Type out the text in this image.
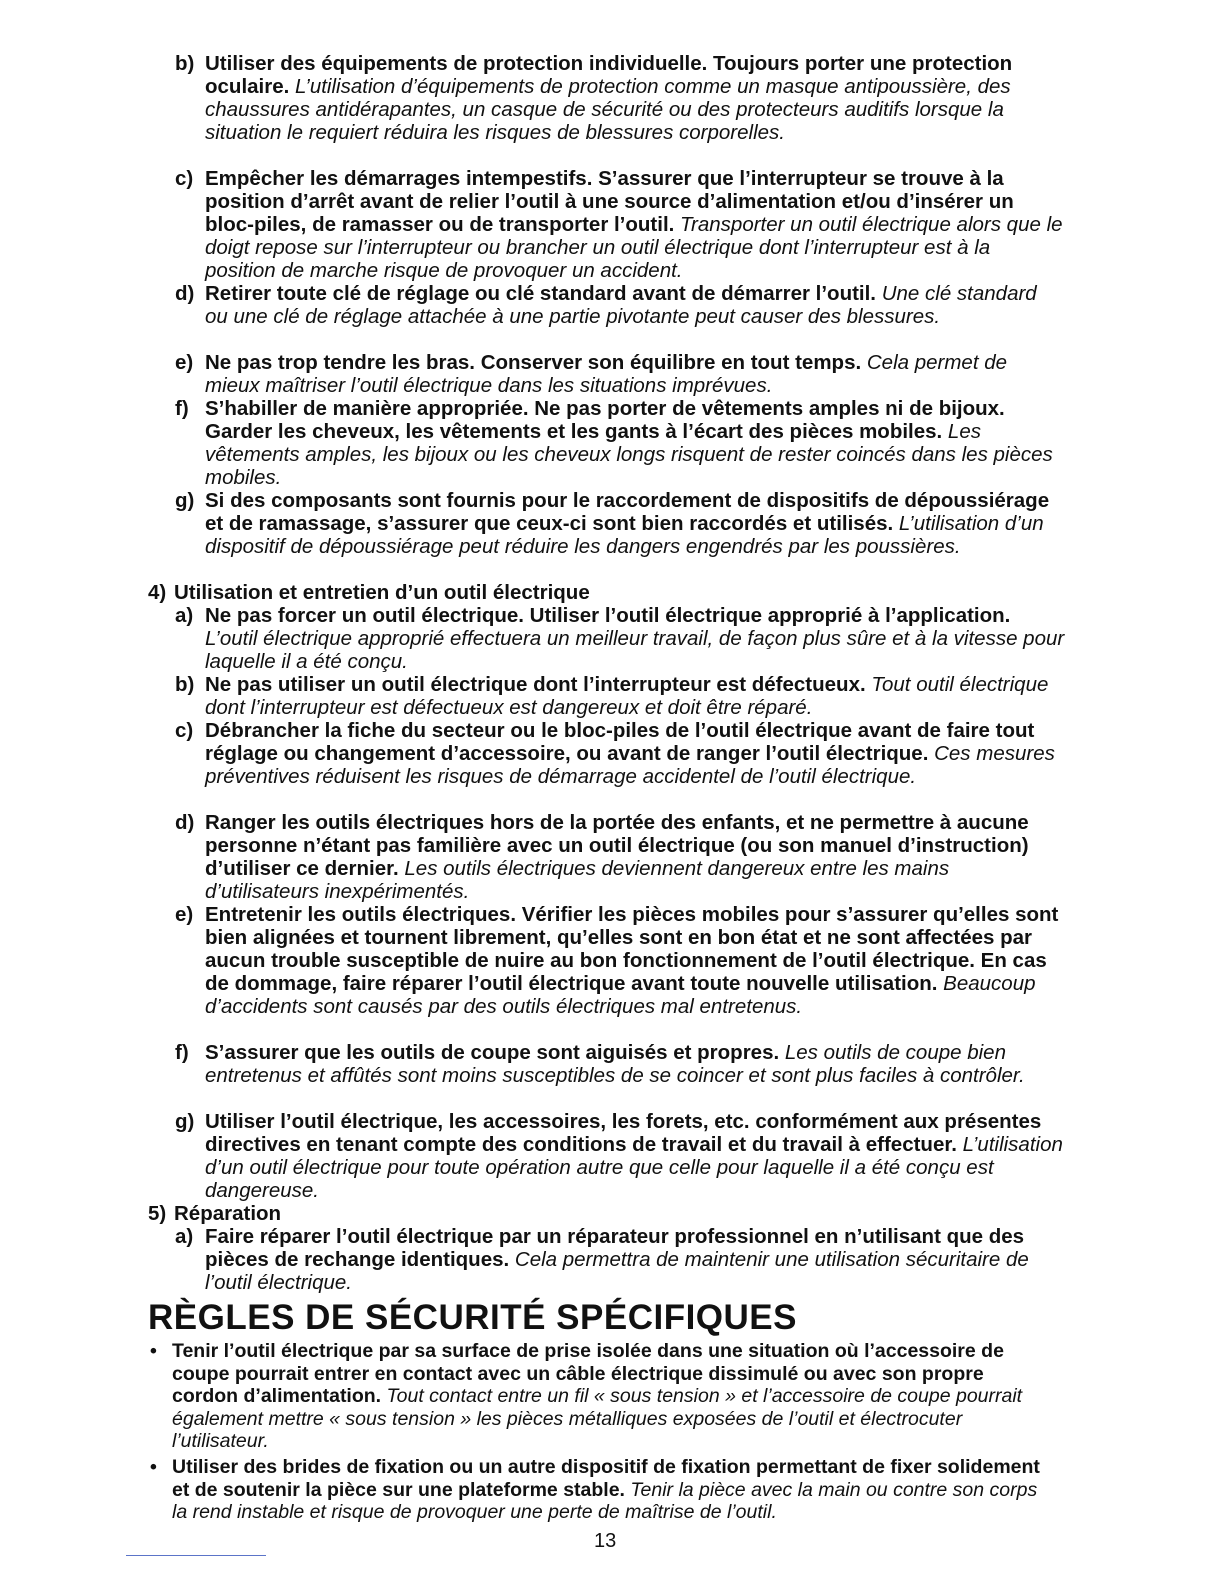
b) Utiliser des équipements de protection individuelle. Toujours porter une protection oculaire. L’utilisation d’équipements de protection comme un masque antipoussière, des chaussures antidérapantes, un casque de sécurité ou des protecteurs auditifs lorsque la situation le requiert réduira les risques de blessures corporelles.
c) Empêcher les démarrages intempestifs. S’assurer que l’interrupteur se trouve à la position d’arrêt avant de relier l’outil à une source d’alimentation et/ou d’insérer un bloc-piles, de ramasser ou de transporter l’outil. Transporter un outil électrique alors que le doigt repose sur l’interrupteur ou brancher un outil électrique dont l’interrupteur est à la position de marche risque de provoquer un accident.
d) Retirer toute clé de réglage ou clé standard avant de démarrer l’outil. Une clé standard ou une clé de réglage attachée à une partie pivotante peut causer des blessures.
e) Ne pas trop tendre les bras. Conserver son équilibre en tout temps. Cela permet de mieux maîtriser l’outil électrique dans les situations imprévues.
f) S’habiller de manière appropriée. Ne pas porter de vêtements amples ni de bijoux. Garder les cheveux, les vêtements et les gants à l’écart des pièces mobiles. Les vêtements amples, les bijoux ou les cheveux longs risquent de rester coincés dans les pièces mobiles.
g) Si des composants sont fournis pour le raccordement de dispositifs de dépoussiérage et de ramassage, s’assurer que ceux-ci sont bien raccordés et utilisés. L’utilisation d’un dispositif de dépoussiérage peut réduire les dangers engendrés par les poussières.
4) Utilisation et entretien d’un outil électrique
a) Ne pas forcer un outil électrique. Utiliser l’outil électrique approprié à l’application. L’outil électrique approprié effectuera un meilleur travail, de façon plus sûre et à la vitesse pour laquelle il a été conçu.
b) Ne pas utiliser un outil électrique dont l’interrupteur est défectueux. Tout outil électrique dont l’interrupteur est défectueux est dangereux et doit être réparé.
c) Débrancher la fiche du secteur ou le bloc-piles de l’outil électrique avant de faire tout réglage ou changement d’accessoire, ou avant de ranger l’outil électrique. Ces mesures préventives réduisent les risques de démarrage accidentel de l’outil électrique.
d) Ranger les outils électriques hors de la portée des enfants, et ne permettre à aucune personne n’étant pas familière avec un outil électrique (ou son manuel d’instruction) d’utiliser ce dernier. Les outils électriques deviennent dangereux entre les mains d’utilisateurs inexpérimentés.
e) Entretenir les outils électriques. Vérifier les pièces mobiles pour s’assurer qu’elles sont bien alignées et tournent librement, qu’elles sont en bon état et ne sont affectées par aucun trouble susceptible de nuire au bon fonctionnement de l’outil électrique. En cas de dommage, faire réparer l’outil électrique avant toute nouvelle utilisation. Beaucoup d’accidents sont causés par des outils électriques mal entretenus.
f) S’assurer que les outils de coupe sont aiguisés et propres. Les outils de coupe bien entretenus et affûtés sont moins susceptibles de se coincer et sont plus faciles à contrôler.
g) Utiliser l’outil électrique, les accessoires, les forets, etc. conformément aux présentes directives en tenant compte des conditions de travail et du travail à effectuer. L’utilisation d’un outil électrique pour toute opération autre que celle pour laquelle il a été conçu est dangereuse.
5) Réparation
a) Faire réparer l’outil électrique par un réparateur professionnel en n’utilisant que des pièces de rechange identiques. Cela permettra de maintenir une utilisation sécuritaire de l’outil électrique.
RÈGLES DE SÉCURITÉ SPÉCIFIQUES
• Tenir l’outil électrique par sa surface de prise isolée dans une situation où l’accessoire de coupe pourrait entrer en contact avec un câble électrique dissimulé ou avec son propre cordon d’alimentation. Tout contact entre un fil « sous tension » et l’accessoire de coupe pourrait également mettre « sous tension » les pièces métalliques exposées de l’outil et électrocuter l’utilisateur.
• Utiliser des brides de fixation ou un autre dispositif de fixation permettant de fixer solidement et de soutenir la pièce sur une plateforme stable. Tenir la pièce avec la main ou contre son corps la rend instable et risque de provoquer une perte de maîtrise de l’outil.
13
